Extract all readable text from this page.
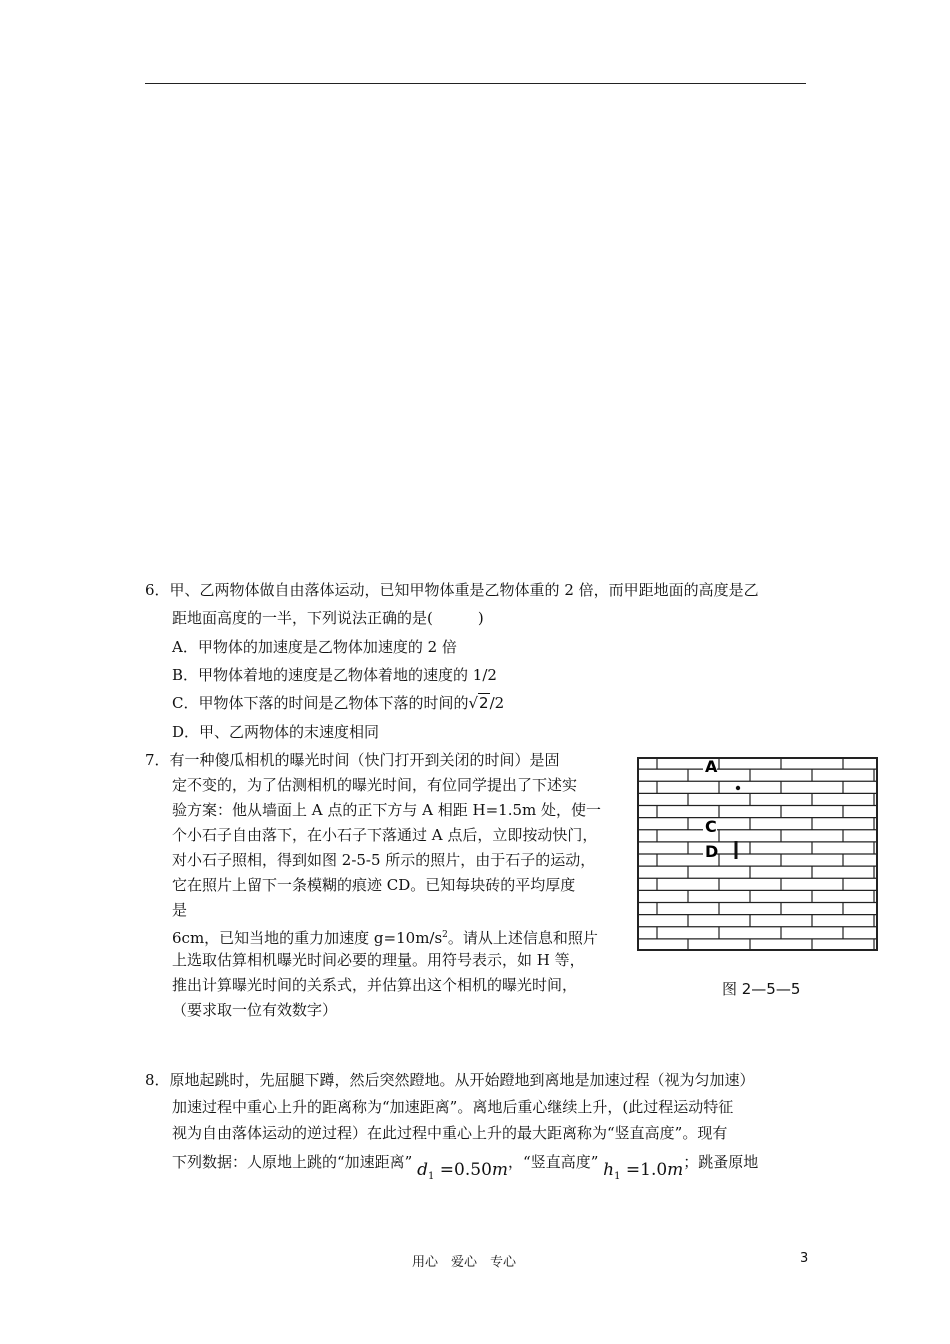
6．甲、乙两物体做自由落体运动，已知甲物体重是乙物体重的 2 倍，而甲距地面的高度是乙
距地面高度的一半，下列说法正确的是(　　　)
A．甲物体的加速度是乙物体加速度的 2 倍
B．甲物体着地的速度是乙物体着地的速度的 1/2
C．甲物体下落的时间是乙物体下落的时间的√2/2
D．甲、乙两物体的末速度相同
7．有一种傻瓜相机的曝光时间（快门打开到关闭的时间）是固
定不变的，为了估测相机的曝光时间，有位同学提出了下述实
验方案：他从墙面上 A 点的正下方与 A 相距 H=1.5m 处，使一
个小石子自由落下，在小石子下落通过 A 点后，立即按动快门，
对小石子照相，得到如图 2-5-5 所示的照片，由于石子的运动，
它在照片上留下一条模糊的痕迹 CD。已知每块砖的平均厚度
是
6cm，已知当地的重力加速度 $g=10m/s^2$。请从上述信息和照片
上选取估算相机曝光时间必要的理量。用符号表示，如 H 等，
推出计算曝光时间的关系式，并估算出这个相机的曝光时间，
（要求取一位有效数字）
A
C
D
图 2—5—5
8．原地起跳时，先屈腿下蹲，然后突然蹬地。从开始蹬地到离地是加速过程（视为匀加速）
加速过程中重心上升的距离称为“加速距离”。离地后重心继续上升，(此过程运动特征
视为自由落体运动的逆过程）在此过程中重心上升的最大距离称为“竖直高度”。现有
下列数据：人原地上跳的“加速距离” $d_1 =0.50m$，“竖直高度” $h_1 =1.0m$；跳蚤原地
用心　爱心　专心	3
